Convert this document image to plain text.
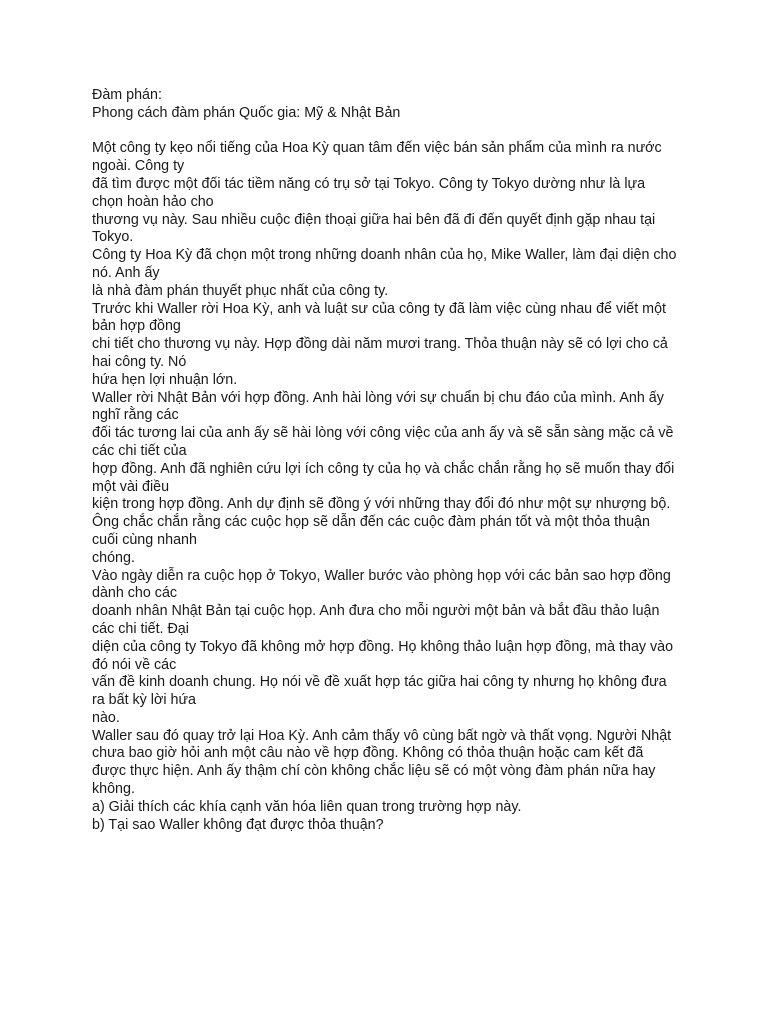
Đàm phán:
Phong cách đàm phán Quốc gia: Mỹ & Nhật Bản
Một công ty kẹo nổi tiếng của Hoa Kỳ quan tâm đến việc bán sản phẩm của mình ra nước
ngoài. Công ty
đã tìm được một đối tác tiềm năng có trụ sở tại Tokyo. Công ty Tokyo dường như là lựa
chọn hoàn hảo cho
thương vụ này. Sau nhiều cuộc điện thoại giữa hai bên đã đi đến quyết định gặp nhau tại
Tokyo.
Công ty Hoa Kỳ đã chọn một trong những doanh nhân của họ, Mike Waller, làm đại diện cho
nó. Anh ấy
là nhà đàm phán thuyết phục nhất của công ty.
Trước khi Waller rời Hoa Kỳ, anh và luật sư của công ty đã làm việc cùng nhau để viết một
bản hợp đồng
chi tiết cho thương vụ này. Hợp đồng dài năm mươi trang. Thỏa thuận này sẽ có lợi cho cả
hai công ty. Nó
hứa hẹn lợi nhuận lớn.
Waller rời Nhật Bản với hợp đồng. Anh hài lòng với sự chuẩn bị chu đáo của mình. Anh ấy
nghĩ rằng các
đối tác tương lai của anh ấy sẽ hài lòng với công việc của anh ấy và sẽ sẵn sàng mặc cả về
các chi tiết của
hợp đồng. Anh đã nghiên cứu lợi ích công ty của họ và chắc chắn rằng họ sẽ muốn thay đổi
một vài điều
kiện trong hợp đồng. Anh dự định sẽ đồng ý với những thay đổi đó như một sự nhượng bộ.
Ông chắc chắn rằng các cuộc họp sẽ dẫn đến các cuộc đàm phán tốt và một thỏa thuận
cuối cùng nhanh
chóng.
Vào ngày diễn ra cuộc họp ở Tokyo, Waller bước vào phòng họp với các bản sao hợp đồng
dành cho các
doanh nhân Nhật Bản tại cuộc họp. Anh đưa cho mỗi người một bản và bắt đầu thảo luận
các chi tiết. Đại
diện của công ty Tokyo đã không mở hợp đồng. Họ không thảo luận hợp đồng, mà thay vào
đó nói về các
vấn đề kinh doanh chung. Họ nói về đề xuất hợp tác giữa hai công ty nhưng họ không đưa
ra bất kỳ lời hứa
nào.
Waller sau đó quay trở lại Hoa Kỳ. Anh cảm thấy vô cùng bất ngờ và thất vọng. Người Nhật
chưa bao giờ hỏi anh một câu nào về hợp đồng. Không có thỏa thuận hoặc cam kết đã
được thực hiện. Anh ấy thậm chí còn không chắc liệu sẽ có một vòng đàm phán nữa hay
không.
a) Giải thích các khía cạnh văn hóa liên quan trong trường hợp này.
b) Tại sao Waller không đạt được thỏa thuận?
